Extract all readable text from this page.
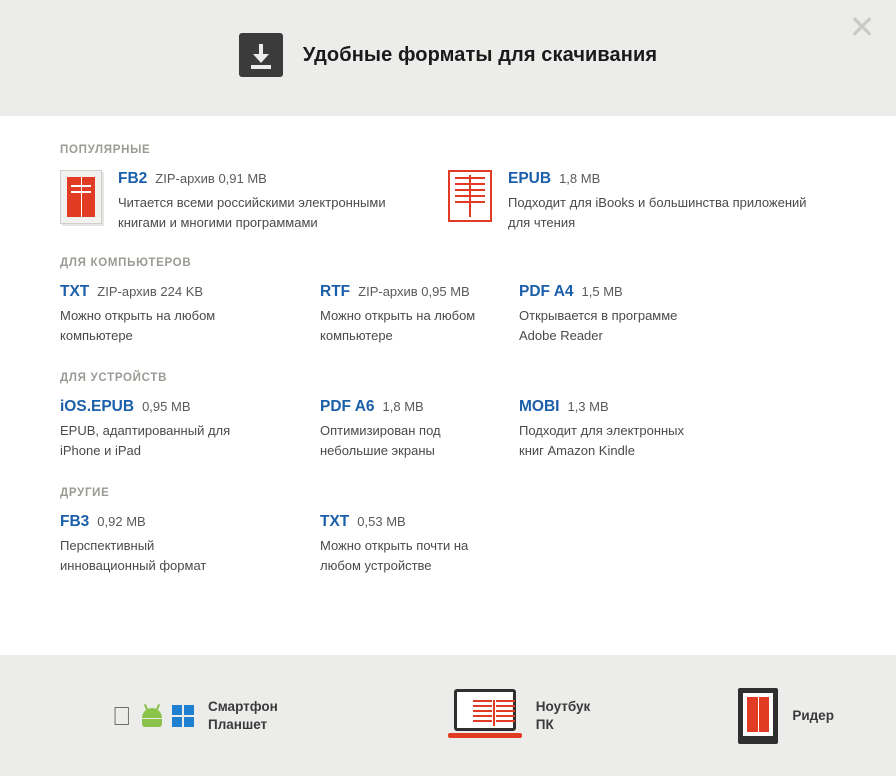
Удобные форматы для скачивания
✕
ПОПУЛЯРНЫЕ
FB2 ZIP-архив 0,91 MB
Читается всеми российскими электронными книгами и многими программами
EPUB 1,8 MB
Подходит для iBooks и большинства приложений для чтения
ДЛЯ КОМПЬЮТЕРОВ
TXT ZIP-архив 224 KB
Можно открыть на любом компьютере
RTF ZIP-архив 0,95 MB
Можно открыть на любом компьютере
PDF A4 1,5 MB
Открывается в программе Adobe Reader
ДЛЯ УСТРОЙСТВ
iOS.EPUB 0,95 MB
EPUB, адаптированный для iPhone и iPad
PDF A6 1,8 MB
Оптимизирован под небольшие экраны
MOBI 1,3 MB
Подходит для электронных книг Amazon Kindle
ДРУГИЕ
FB3 0,92 MB
Перспективный инновационный формат
TXT 0,53 MB
Можно открыть почти на любом устройстве
Смартфон
Планшет
Ноутбук
ПК
Ридер
